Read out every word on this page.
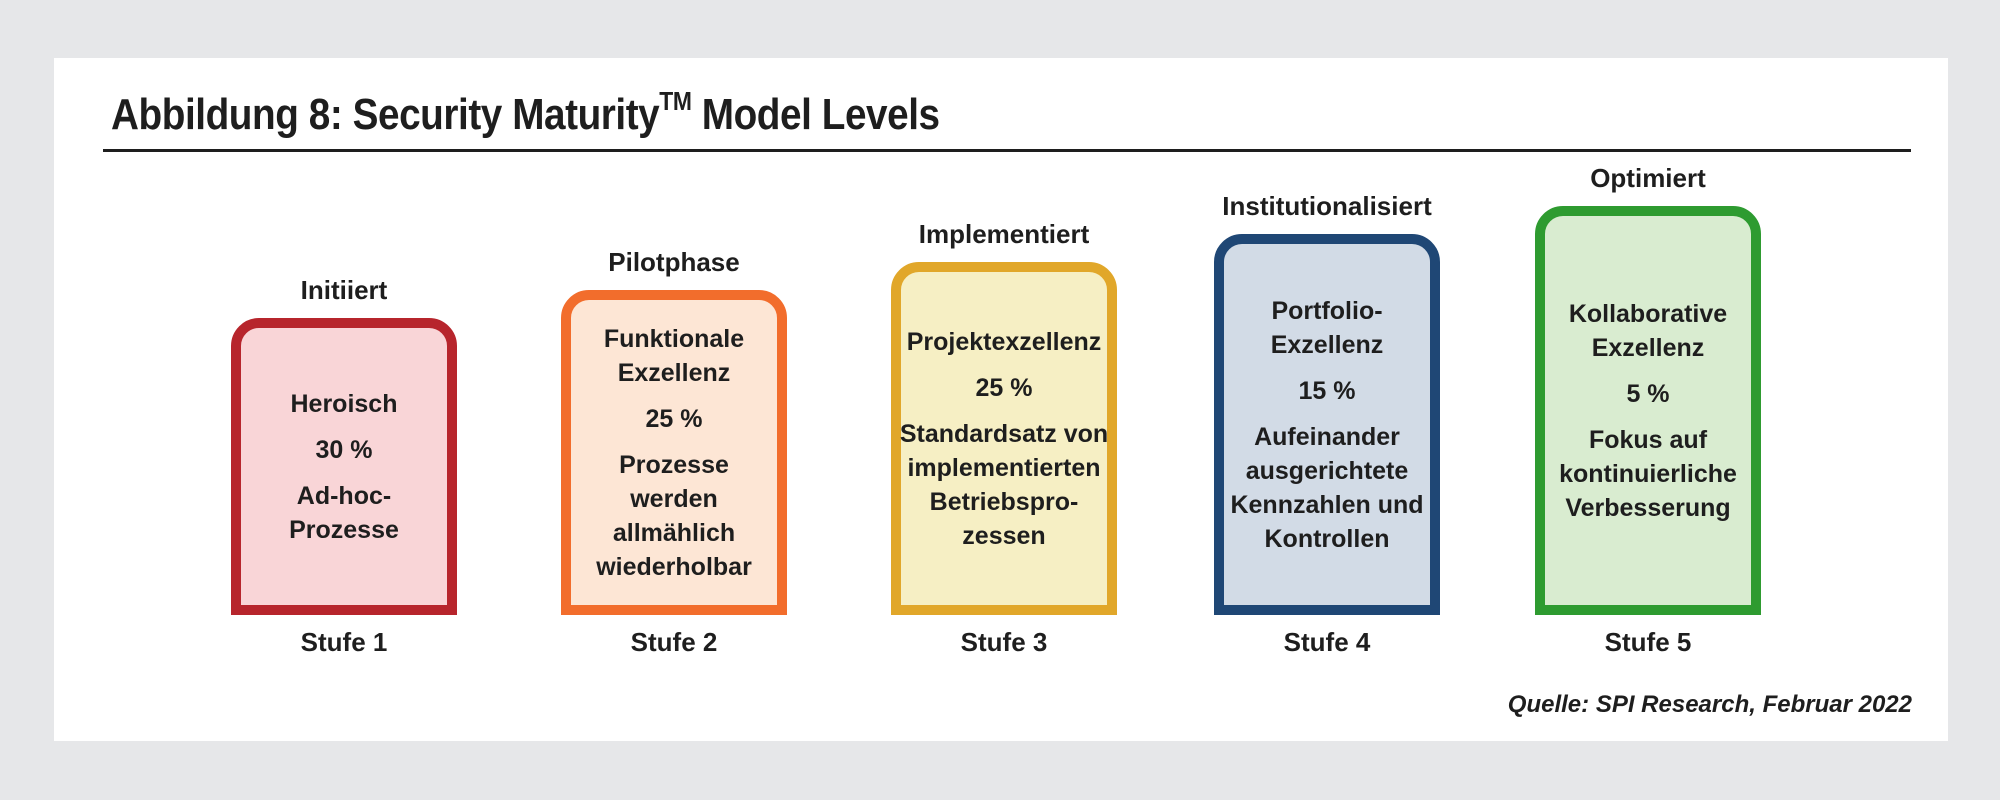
Abbildung 8: Security Maturity™ Model Levels
Initiiert
Heroisch
30 %
Ad-hoc-
Prozesse
Stufe 1
Pilotphase
Funktionale
Exzellenz
25 %
Prozesse
werden
allmählich
wiederholbar
Stufe 2
Implementiert
Projektexzellenz
25 %
Standardsatz von
implementierten
Betriebspro-
zessen
Stufe 3
Institutionalisiert
Portfolio-
Exzellenz
15 %
Aufeinander
ausgerichtete
Kennzahlen und
Kontrollen
Stufe 4
Optimiert
Kollaborative
Exzellenz
5 %
Fokus auf
kontinuierliche
Verbesserung
Stufe 5
Quelle: SPI Research, Februar 2022
